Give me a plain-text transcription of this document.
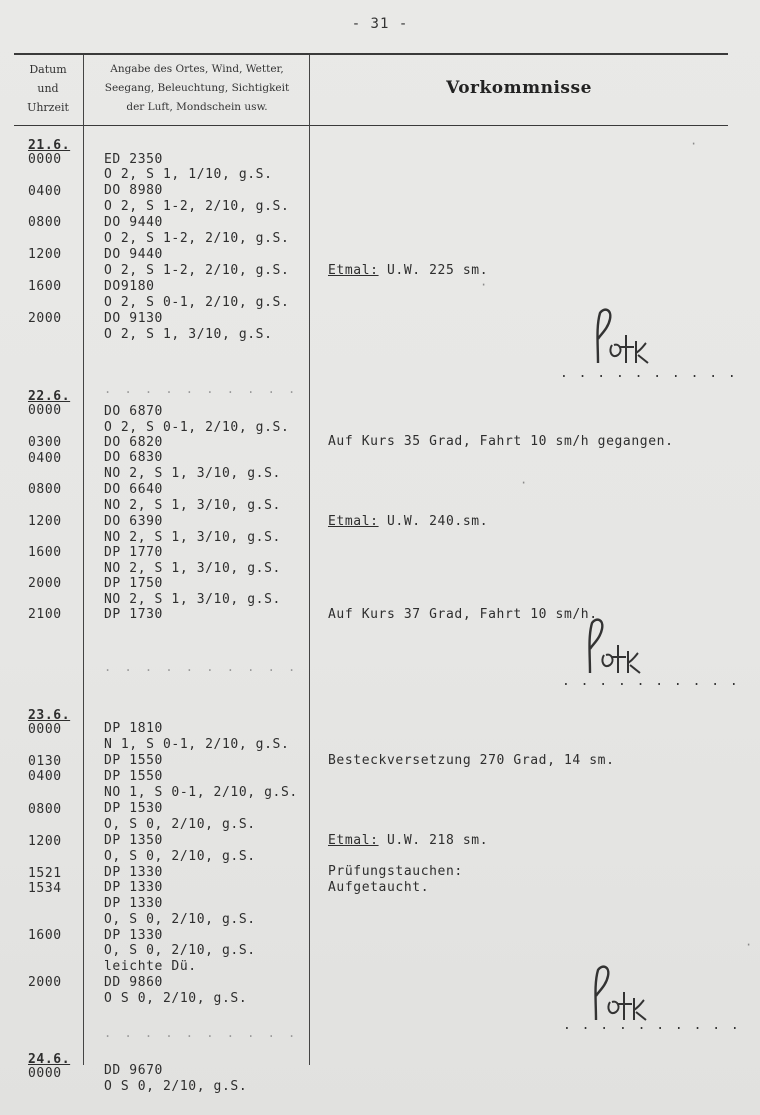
- 31 -
Datum
und
Uhrzeit
Angabe des Ortes, Wind, Wetter,
Seegang, Beleuchtung, Sichtigkeit
der Luft, Mondschein usw.
Vorkommnisse
21.6.
0000
0400
0800
1200
1600
2000
ED 2350
O 2, S 1, 1/10, g.S.
DO 8980
O 2, S 1-2, 2/10, g.S.
DO 9440
O 2, S 1-2, 2/10, g.S.
DO 9440
O 2, S 1-2, 2/10, g.S.
DO9180
O 2, S 0-1, 2/10, g.S.
DO 9130
O 2, S 1, 3/10, g.S.
Etmal: U.W. 225 sm.
. . . . . . . . . .
. . . . . . . . . .
22.6.
0000
0300
0400
0800
1200
1600
2000
2100
DO 6870
O 2, S 0-1, 2/10, g.S.
DO 6820
DO 6830
NO 2, S 1, 3/10, g.S.
DO 6640
NO 2, S 1, 3/10, g.S.
DO 6390
NO 2, S 1, 3/10, g.S.
DP 1770
NO 2, S 1, 3/10, g.S.
DP 1750
NO 2, S 1, 3/10, g.S.
DP 1730
Auf Kurs 35 Grad, Fahrt 10 sm/h gegangen.
Etmal: U.W. 240.sm.
Auf Kurs 37 Grad, Fahrt 10 sm/h.
. . . . . . . . . .
. . . . . . . . . .
23.6.
0000
0130
0400
0800
1200
1521
1534
1600
2000
DP 1810
N 1, S 0-1, 2/10, g.S.
DP 1550
DP 1550
NO 1, S 0-1, 2/10, g.S.
DP 1530
O, S 0, 2/10, g.S.
DP 1350
O, S 0, 2/10, g.S.
DP 1330
DP 1330
DP 1330
O, S 0, 2/10, g.S.
DP 1330
O, S 0, 2/10, g.S.
leichte Dü.
DD 9860
O S 0, 2/10, g.S.
Besteckversetzung 270 Grad, 14 sm.
Etmal: U.W. 218 sm.
Prüfungstauchen:
Aufgetaucht.
. . . . . . . . . .
. . . . . . . . . .
24.6.
0000	DD 9670
O S 0, 2/10, g.S.
·
·
·
·
